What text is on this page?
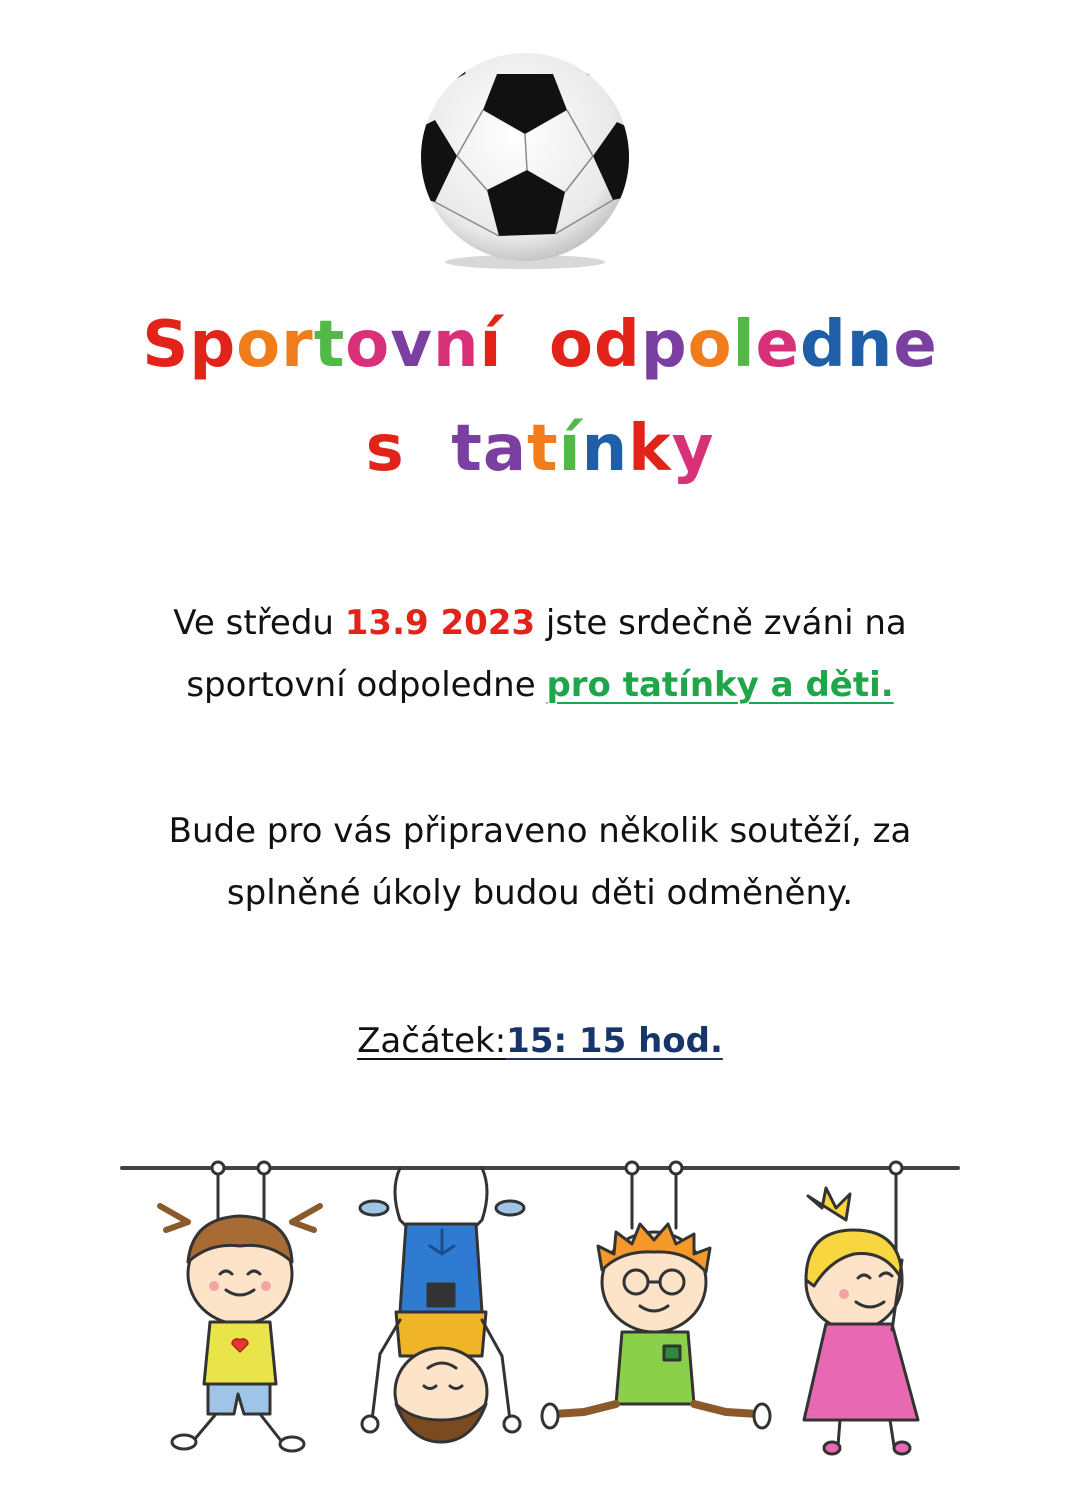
Sportovní odpoledne
s tatínky
Ve středu 13.9 2023 jste srdečně zváni na
sportovní odpoledne pro tatínky a děti.
Bude pro vás připraveno několik soutěží, za
splněné úkoly budou děti odměněny.
Začátek:15: 15 hod.
